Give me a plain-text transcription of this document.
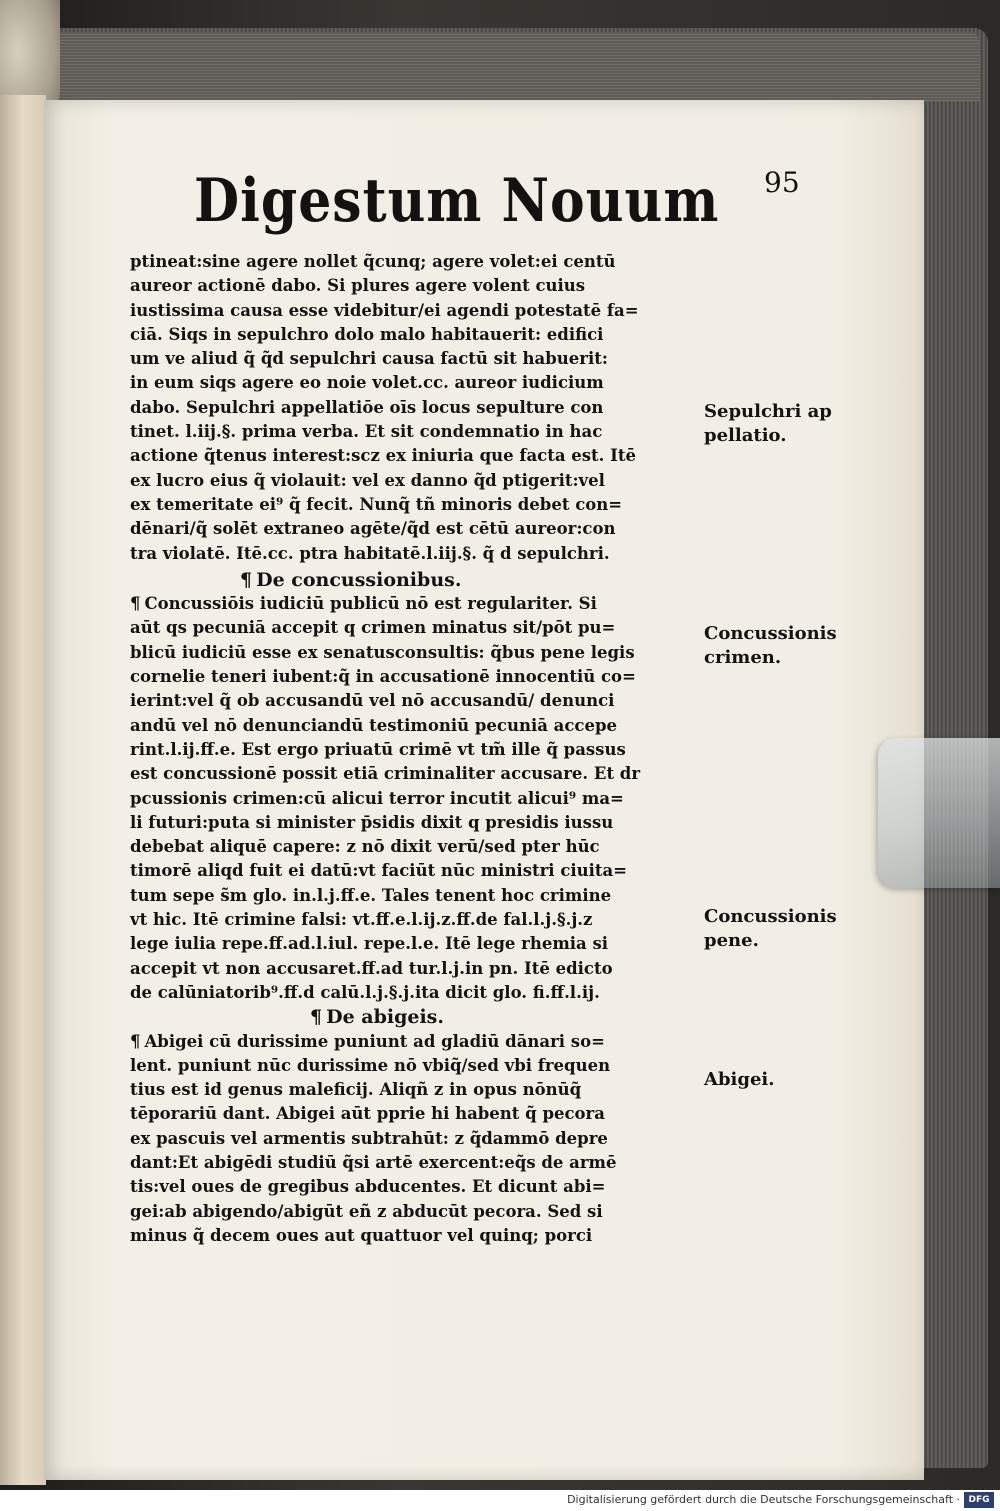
Digestum Nouum 95
ptineat:sine agere nollet q̃cunq; agere volet:ei centū
aureor actionē dabo. Si plures agere volent cuius
iustissima causa esse videbitur/ei agendi potestatē fa=
ciā. Siqs in sepulchro dolo malo habitauerit: edifici
um ve aliud q̃ q̃d sepulchri causa factū sit habuerit:
in eum siqs agere eo noie volet.cc. aureor iudicium
dabo. Sepulchri appellatiōe oīs locus sepulture con
tinet. l.iij.§. prima verba. Et sit condemnatio in hac
actione q̃tenus interest:scz ex iniuria que facta est. Itē
ex lucro eius q̃ violauit: vel ex danno q̃d ptigerit:vel
ex temeritate ei⁹ q̃ fecit. Nunq̃ tñ minoris debet con=
dēnari/q̃ solēt extraneo agēte/q̃d est cētū aureor:con
tra violatē. Itē.cc. ptra habitatē.l.iij.§. q̃ d sepulchri.
¶ De concussionibus.
¶ Concussiōis iudiciū publicū nō est regulariter. Si
aūt qs pecuniā accepit q crimen minatus sit/pōt pu=
blicū iudiciū esse ex senatusconsultis: q̃bus pene legis
cornelie teneri iubent:q̃ in accusationē innocentiū co=
ierint:vel q̃ ob accusandū vel nō accusandū/ denunci
andū vel nō denunciandū testimoniū pecuniā accepe
rint.l.ij.ff.e. Est ergo priuatū crimē vt tm̃ ille q̃ passus
est concussionē possit etiā criminaliter accusare. Et dr
pcussionis crimen:cū alicui terror incutit alicui⁹ ma=
li futuri:puta si minister p̄sidis dixit q presidis iussu
debebat aliquē capere: z nō dixit verū/sed pter hūc
timorē aliqd fuit ei datū:vt faciūt nūc ministri ciuita=
tum sepe s̃m glo. in.l.j.ff.e. Tales tenent hoc crimine
vt hic. Itē crimine falsi: vt.ff.e.l.ij.z.ff.de fal.l.j.§.j.z
lege iulia repe.ff.ad.l.iul. repe.l.e. Itē lege rhemia si
accepit vt non accusaret.ff.ad tur.l.j.in pn. Itē edicto
de calūniatorib⁹.ff.d calū.l.j.§.j.ita dicit glo. fi.ff.l.ij.
¶ De abigeis.
¶ Abigei cū durissime puniunt ad gladiū dānari so=
lent. puniunt nūc durissime nō vbiq̃/sed vbi frequen
tius est id genus maleficij. Aliqñ z in opus nōnūq̃
tēporariū dant. Abigei aūt pprie hi habent q̃ pecora
ex pascuis vel armentis subtrahūt: z q̃dammō depre
dant:Et abigēdi studiū q̃si artē exercent:eq̃s de armē
tis:vel oues de gregibus abducentes. Et dicunt abi=
gei:ab abigendo/abigūt eñ z abducūt pecora. Sed si
minus q̃ decem oues aut quattuor vel quinq; porci
Sepulchri ap
pellatio.
Concussionis
crimen.
Concussionis
pene.
Abigei.
Digitalisierung gefördert durch die Deutsche Forschungsgemeinschaft · DFG
